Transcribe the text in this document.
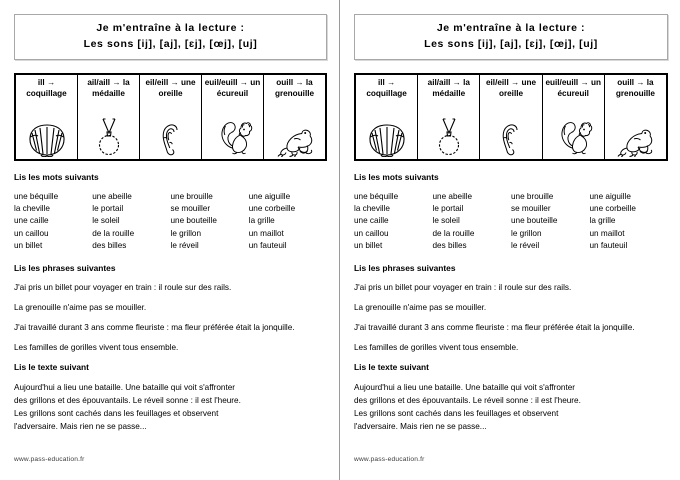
Je m'entraîne à la lecture :
Les sons [ij], [aj], [ɛj], [œj], [uj]
ill → coquillage
ail/aill → la médaille
eil/eill → une oreille
euil/euill → un écureuil
ouill → la grenouille
Lis les mots suivants
une béquille
la cheville
une caille
un caillou
un billet
une abeille
le portail
le soleil
de la rouille
des billes
une brouille
se mouiller
une bouteille
le grillon
le réveil
une aiguille
une corbeille
la grille
un maillot
un fauteuil
Lis les phrases suivantes
J'ai pris un billet pour voyager en train : il roule sur des rails.
La grenouille n'aime pas se mouiller.
J'ai travaillé durant 3 ans comme fleuriste : ma fleur préférée était la jonquille.
Les familles de gorilles vivent tous ensemble.
Lis le texte suivant

Aujourd'hui a lieu une bataille. Une bataille qui voit s'affronter

des grillons et des épouvantails. Le réveil sonne : il est l'heure.

Les grillons sont cachés dans les feuillages et observent

l'adversaire. Mais rien ne se passe...

www.pass-education.fr
Je m'entraîne à la lecture :
Les sons [ij], [aj], [ɛj], [œj], [uj]
ill → coquillage
ail/aill → la médaille
eil/eill → une oreille
euil/euill → un écureuil
ouill → la grenouille
Lis les mots suivants
une béquille
la cheville
une caille
un caillou
un billet
une abeille
le portail
le soleil
de la rouille
des billes
une brouille
se mouiller
une bouteille
le grillon
le réveil
une aiguille
une corbeille
la grille
un maillot
un fauteuil
Lis les phrases suivantes
J'ai pris un billet pour voyager en train : il roule sur des rails.
La grenouille n'aime pas se mouiller.
J'ai travaillé durant 3 ans comme fleuriste : ma fleur préférée était la jonquille.
Les familles de gorilles vivent tous ensemble.
Lis le texte suivant

Aujourd'hui a lieu une bataille. Une bataille qui voit s'affronter

des grillons et des épouvantails. Le réveil sonne : il est l'heure.

Les grillons sont cachés dans les feuillages et observent

l'adversaire. Mais rien ne se passe...

www.pass-education.fr
